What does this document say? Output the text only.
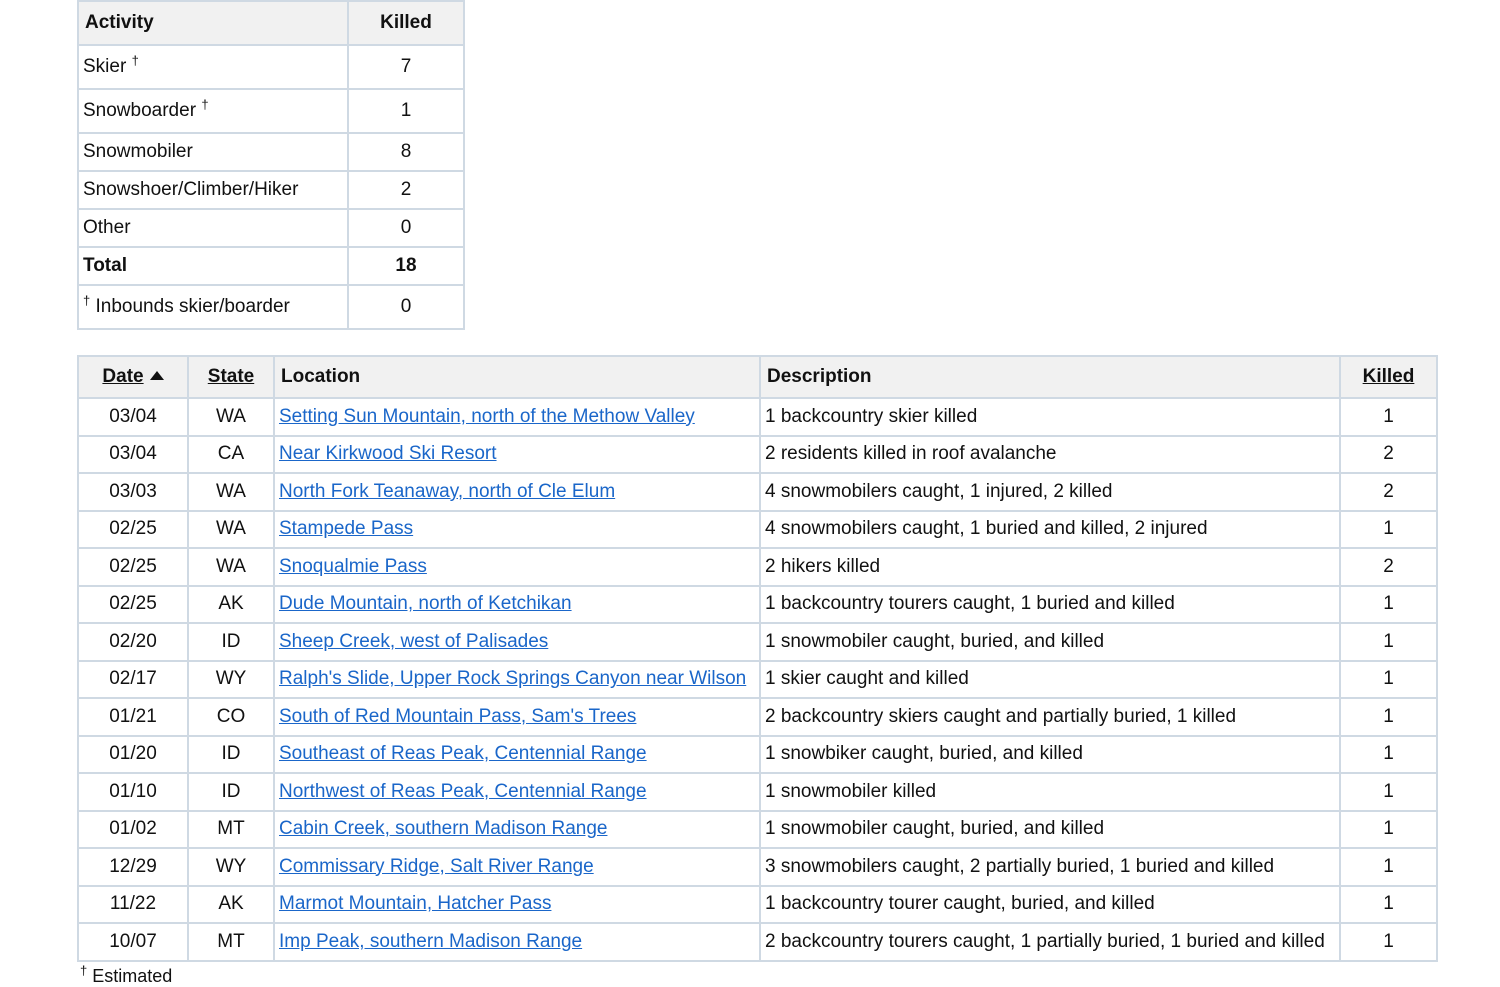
Activity	Killed
Skier †	7
Snowboarder †	1
Snowmobiler	8
Snowshoer/Climber/Hiker	2
Other	0
Total	18
† Inbounds skier/boarder	0
Date	State	Location	Description	Killed
03/04	WA	Setting Sun Mountain, north of the Methow Valley	1 backcountry skier killed	1
03/04	CA	Near Kirkwood Ski Resort	2 residents killed in roof avalanche	2
03/03	WA	North Fork Teanaway, north of Cle Elum	4 snowmobilers caught, 1 injured, 2 killed	2
02/25	WA	Stampede Pass	4 snowmobilers caught, 1 buried and killed, 2 injured	1
02/25	WA	Snoqualmie Pass	2 hikers killed	2
02/25	AK	Dude Mountain, north of Ketchikan	1 backcountry tourers caught, 1 buried and killed	1
02/20	ID	Sheep Creek, west of Palisades	1 snowmobiler caught, buried, and killed	1
02/17	WY	Ralph's Slide, Upper Rock Springs Canyon near Wilson	1 skier caught and killed	1
01/21	CO	South of Red Mountain Pass, Sam's Trees	2 backcountry skiers caught and partially buried, 1 killed	1
01/20	ID	Southeast of Reas Peak, Centennial Range	1 snowbiker caught, buried, and killed	1
01/10	ID	Northwest of Reas Peak, Centennial Range	1 snowmobiler killed	1
01/02	MT	Cabin Creek, southern Madison Range	1 snowmobiler caught, buried, and killed	1
12/29	WY	Commissary Ridge, Salt River Range	3 snowmobilers caught, 2 partially buried, 1 buried and killed	1
11/22	AK	Marmot Mountain, Hatcher Pass	1 backcountry tourer caught, buried, and killed	1
10/07	MT	Imp Peak, southern Madison Range	2 backcountry tourers caught, 1 partially buried, 1 buried and killed	1
† Estimated
